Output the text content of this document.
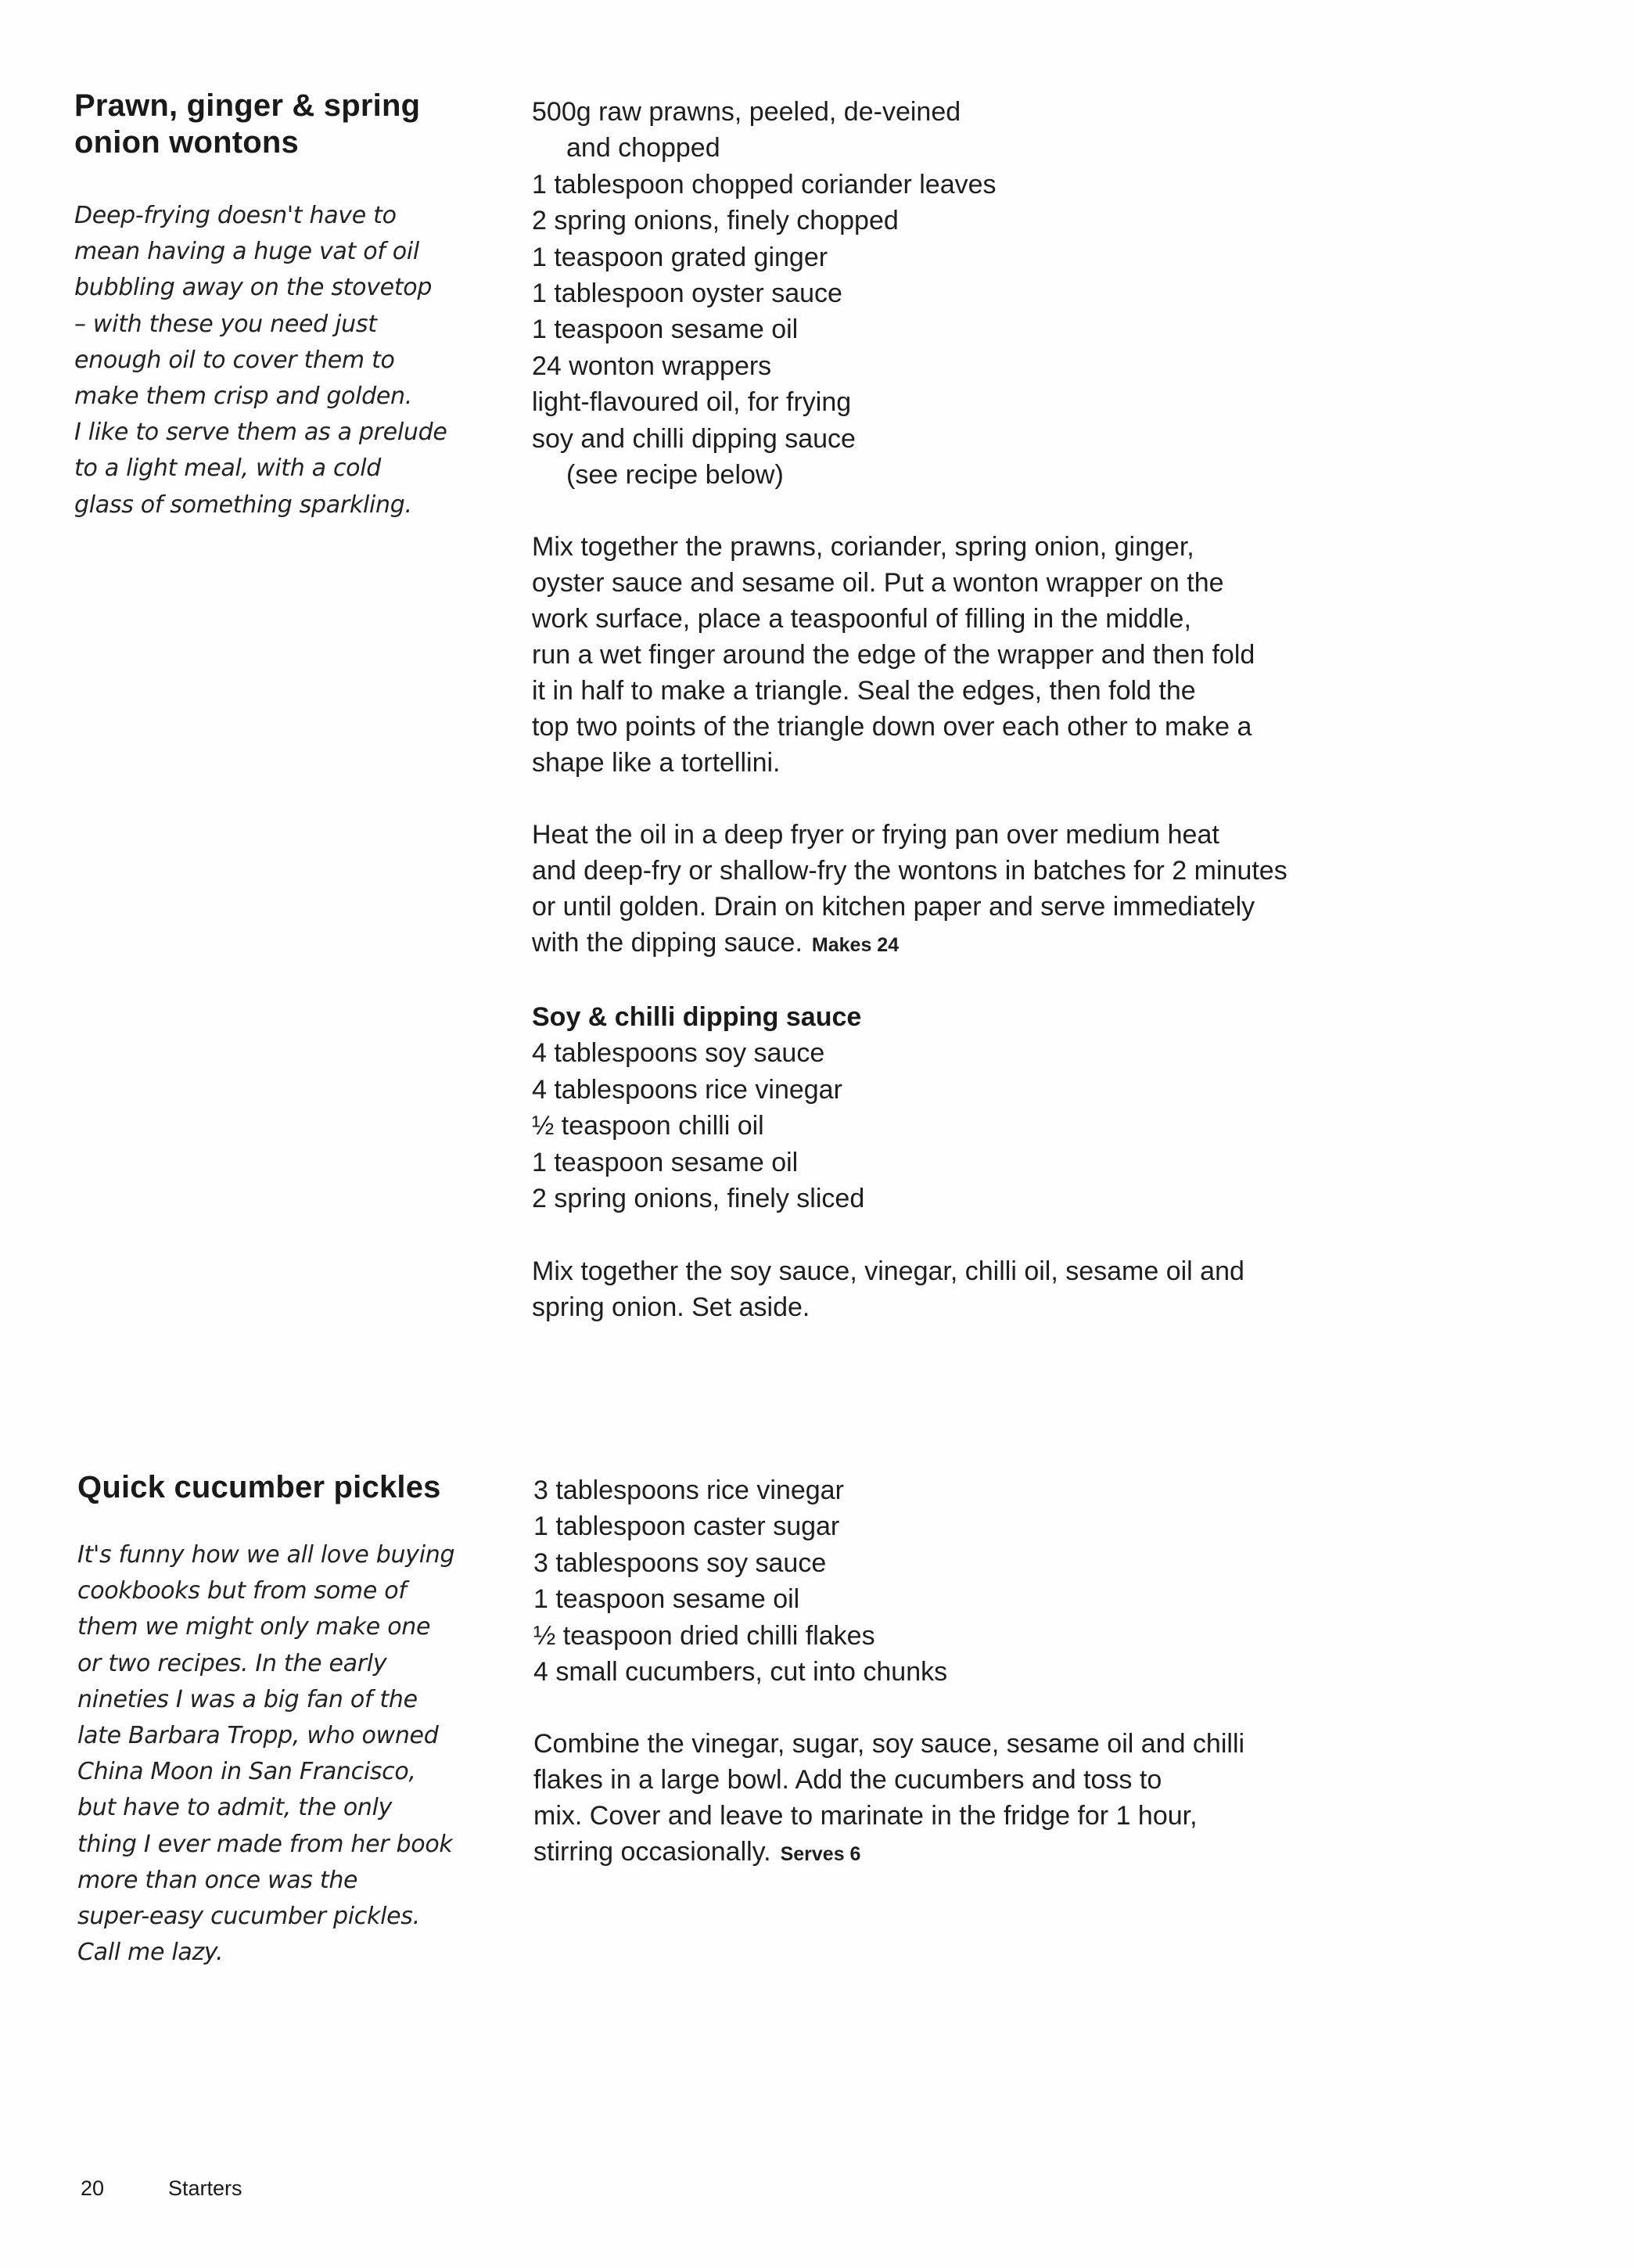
Prawn, ginger & spring
onion wontons

Deep-frying doesn't have to
mean having a huge vat of oil
bubbling away on the stovetop
– with these you need just
enough oil to cover them to
make them crisp and golden.
I like to serve them as a prelude
to a light meal, with a cold
glass of something sparkling.

500g raw prawns, peeled, de-veined
and chopped
1 tablespoon chopped coriander leaves
2 spring onions, finely chopped
1 teaspoon grated ginger
1 tablespoon oyster sauce
1 teaspoon sesame oil
24 wonton wrappers
light-flavoured oil, for frying
soy and chilli dipping sauce
(see recipe below)

Mix together the prawns, coriander, spring onion, ginger,
oyster sauce and sesame oil. Put a wonton wrapper on the
work surface, place a teaspoonful of filling in the middle,
run a wet finger around the edge of the wrapper and then fold
it in half to make a triangle. Seal the edges, then fold the
top two points of the triangle down over each other to make a
shape like a tortellini.

Heat the oil in a deep fryer or frying pan over medium heat
and deep-fry or shallow-fry the wontons in batches for 2 minutes
or until golden. Drain on kitchen paper and serve immediately
with the dipping sauce. Makes 24

Soy & chilli dipping sauce
4 tablespoons soy sauce
4 tablespoons rice vinegar
½ teaspoon chilli oil
1 teaspoon sesame oil
2 spring onions, finely sliced

Mix together the soy sauce, vinegar, chilli oil, sesame oil and
spring onion. Set aside.

Quick cucumber pickles

It's funny how we all love buying
cookbooks but from some of
them we might only make one
or two recipes. In the early
nineties I was a big fan of the
late Barbara Tropp, who owned
China Moon in San Francisco,
but have to admit, the only
thing I ever made from her book
more than once was the
super-easy cucumber pickles.
Call me lazy.

3 tablespoons rice vinegar
1 tablespoon caster sugar
3 tablespoons soy sauce
1 teaspoon sesame oil
½ teaspoon dried chilli flakes
4 small cucumbers, cut into chunks

Combine the vinegar, sugar, soy sauce, sesame oil and chilli
flakes in a large bowl. Add the cucumbers and toss to
mix. Cover and leave to marinate in the fridge for 1 hour,
stirring occasionally. Serves 6

20	Starters
